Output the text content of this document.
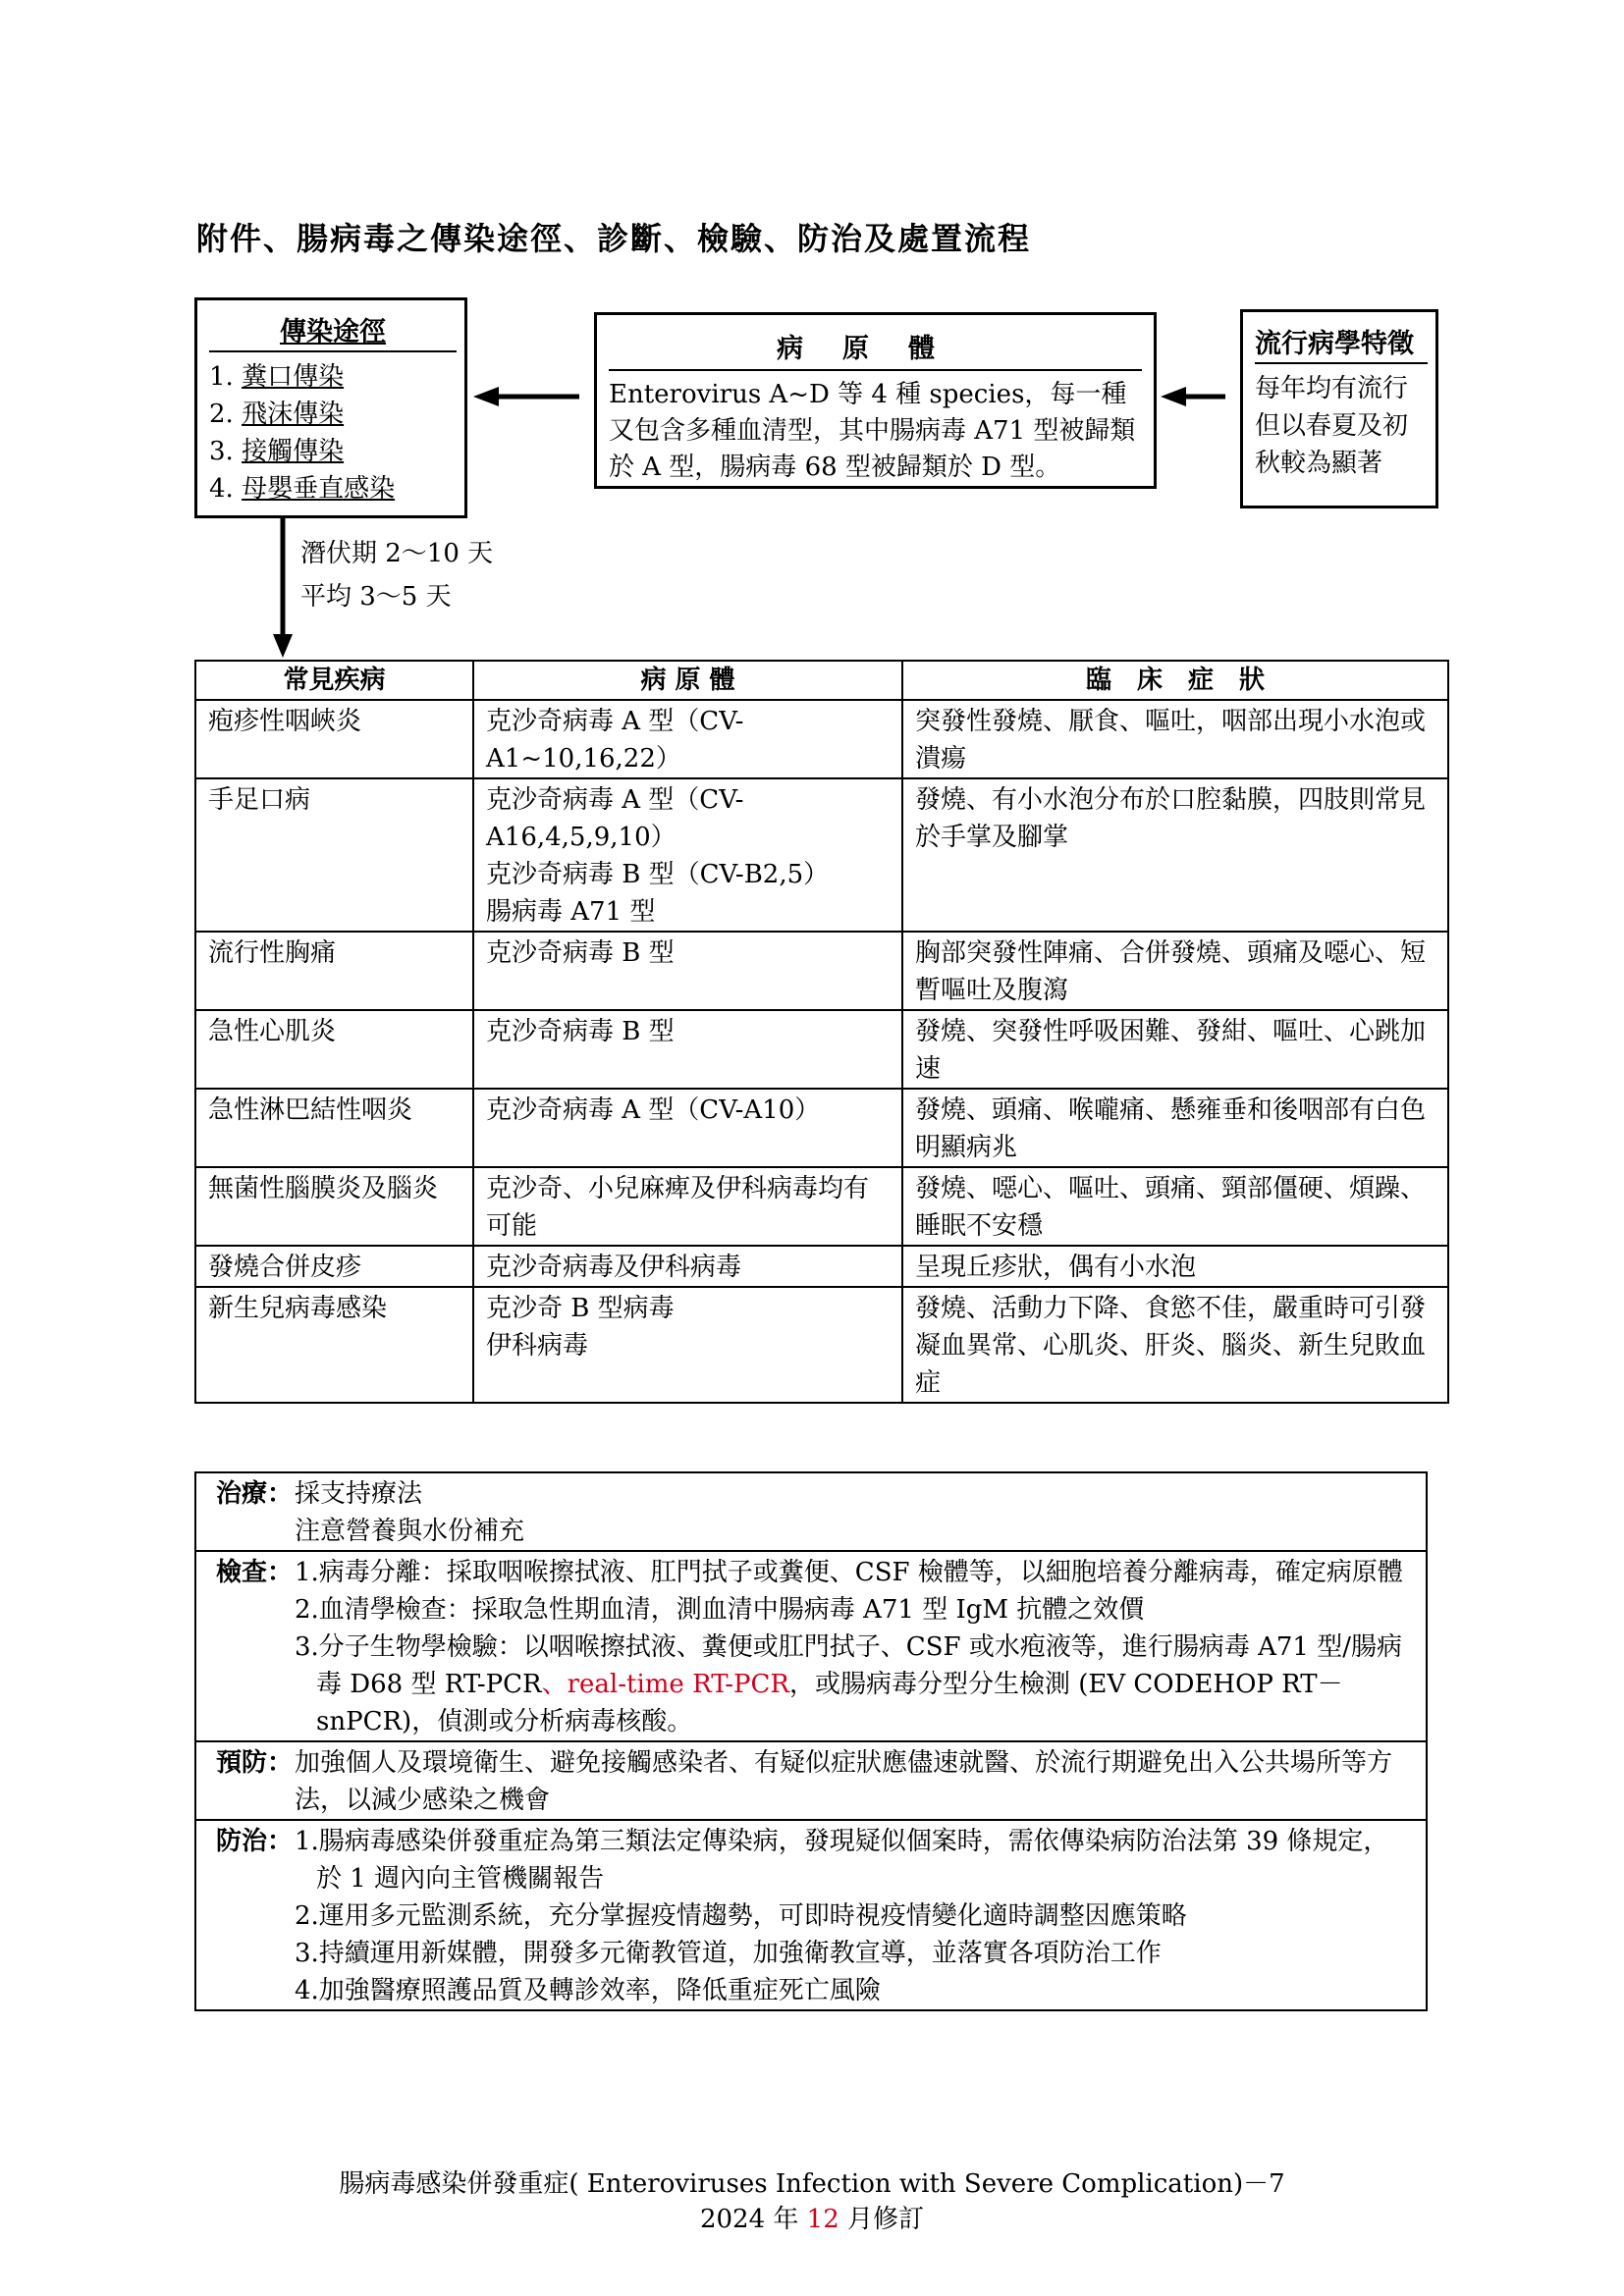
附件、腸病毒之傳染途徑、診斷、檢驗、防治及處置流程
傳染途徑
1. 糞口傳染
2. 飛沫傳染
3. 接觸傳染
4. 母嬰垂直感染
病原體
Enterovirus A~D 等 4 種 species，每一種又包含多種血清型，其中腸病毒 A71 型被歸類於 A 型，腸病毒 68 型被歸類於 D 型。
流行病學特徵
每年均有流行但以春夏及初秋較為顯著
潛伏期 2～10 天
平均 3～5 天
常見疾病	病 原 體	臨　床　症　狀
疱疹性咽峽炎	克沙奇病毒 A 型（CV-A1~10,16,22）	突發性發燒、厭食、嘔吐，咽部出現小水泡或潰瘍
手足口病	克沙奇病毒 A 型（CV-A16,4,5,9,10）
克沙奇病毒 B 型（CV-B2,5）
腸病毒 A71 型	發燒、有小水泡分布於口腔黏膜，四肢則常見於手掌及腳掌
流行性胸痛	克沙奇病毒 B 型	胸部突發性陣痛、合併發燒、頭痛及噁心、短暫嘔吐及腹瀉
急性心肌炎	克沙奇病毒 B 型	發燒、突發性呼吸困難、發紺、嘔吐、心跳加速
急性淋巴結性咽炎	克沙奇病毒 A 型（CV-A10）	發燒、頭痛、喉嚨痛、懸雍垂和後咽部有白色明顯病兆
無菌性腦膜炎及腦炎	克沙奇、小兒麻痺及伊科病毒均有可能	發燒、噁心、嘔吐、頭痛、頸部僵硬、煩躁、睡眠不安穩
發燒合併皮疹	克沙奇病毒及伊科病毒	呈現丘疹狀，偶有小水泡
新生兒病毒感染	克沙奇 B 型病毒
伊科病毒	發燒、活動力下降、食慾不佳，嚴重時可引發凝血異常、心肌炎、肝炎、腦炎、新生兒敗血症
治療： 採支持療法
注意營養與水份補充

檢查： 1.病毒分離：採取咽喉擦拭液、肛門拭子或糞便、CSF 檢體等，以細胞培養分離病毒，確定病原體
2.血清學檢查：採取急性期血清，測血清中腸病毒 A71 型 IgM 抗體之效價
3.分子生物學檢驗：以咽喉擦拭液、糞便或肛門拭子、CSF 或水疱液等，進行腸病毒 A71 型/腸病毒 D68 型 RT-PCR、real-time RT-PCR，或腸病毒分型分生檢測 (EV CODEHOP RT－snPCR)，偵測或分析病毒核酸。

預防： 加強個人及環境衛生、避免接觸感染者、有疑似症狀應儘速就醫、於流行期避免出入公共場所等方法，以減少感染之機會

防治： 1.腸病毒感染併發重症為第三類法定傳染病，發現疑似個案時，需依傳染病防治法第 39 條規定，於 1 週內向主管機關報告
2.運用多元監測系統，充分掌握疫情趨勢，可即時視疫情變化適時調整因應策略
3.持續運用新媒體，開發多元衛教管道，加強衛教宣導，並落實各項防治工作
4.加強醫療照護品質及轉診效率，降低重症死亡風險
腸病毒感染併發重症( Enteroviruses Infection with Severe Complication)－7
2024 年 12 月修訂
